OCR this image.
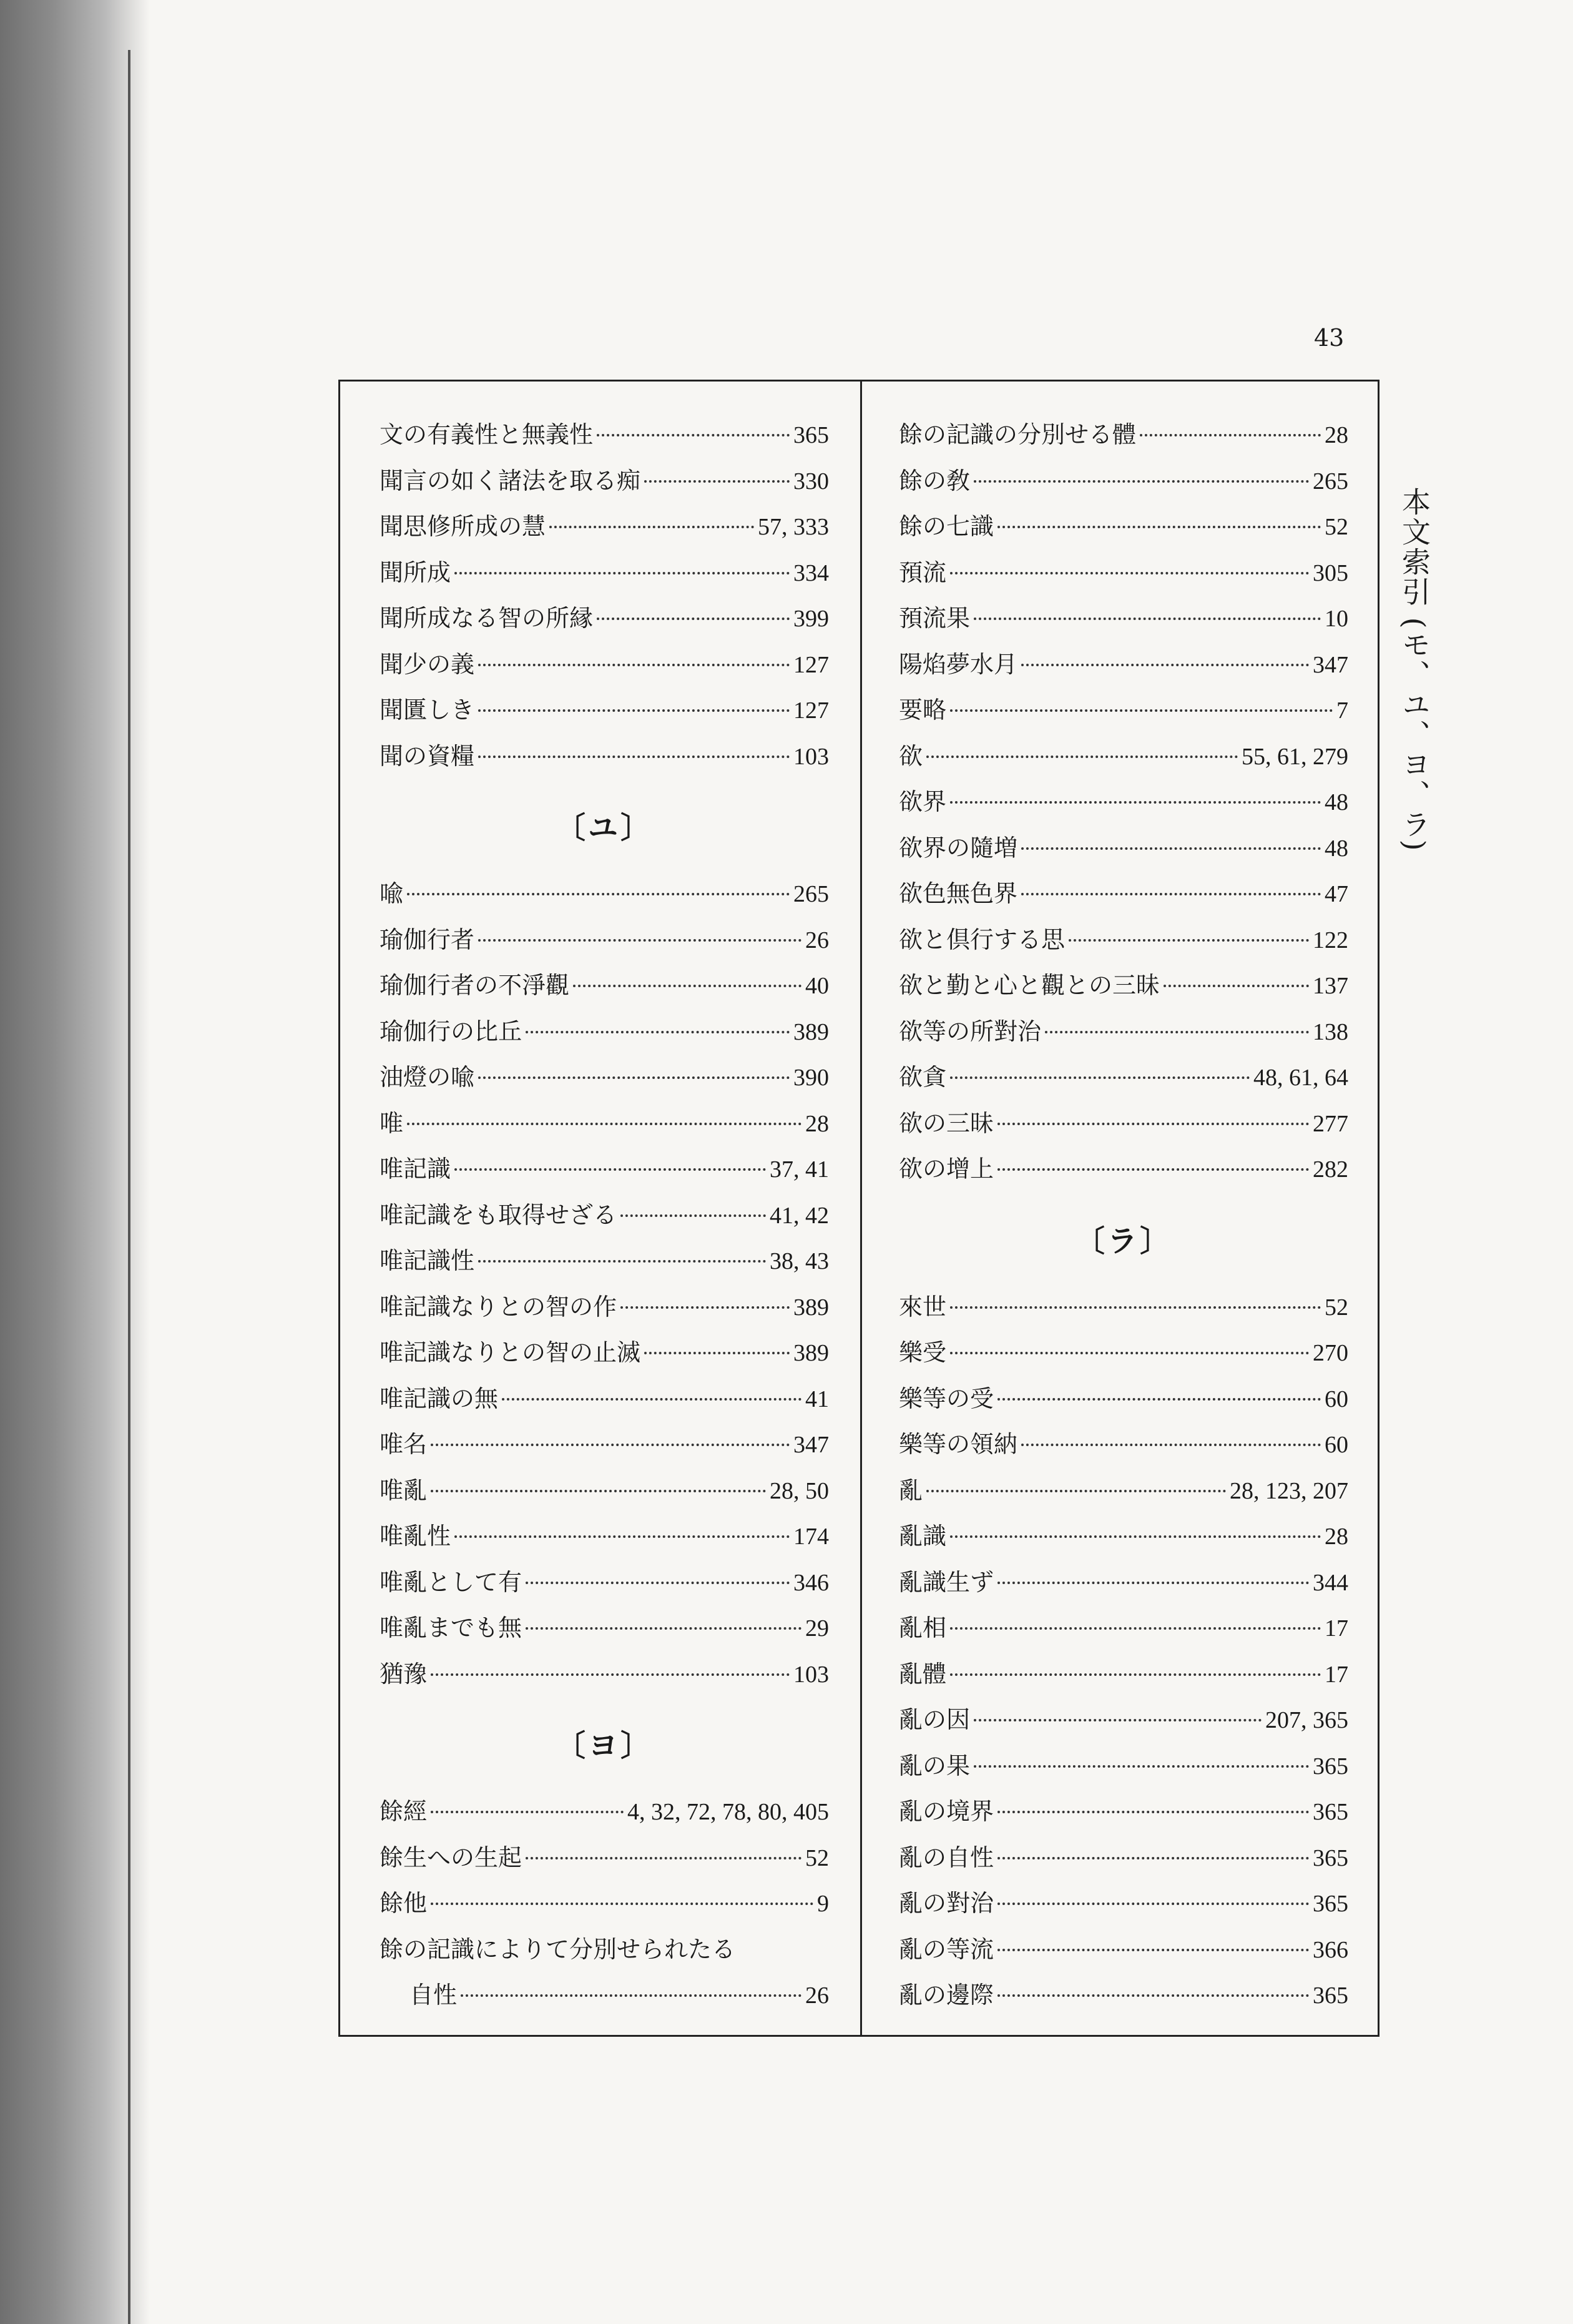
43
本文索引 (モ、ユ、ヨ、ラ)
文の有義性と無義性	365
聞言の如く諸法を取る痴	330
聞思修所成の慧	57, 333
聞所成	334
聞所成なる智の所縁	399
聞少の義	127
聞匱しき	127
聞の資糧	103
〔ユ〕
喩	265
瑜伽行者	26
瑜伽行者の不淨觀	40
瑜伽行の比丘	389
油燈の喩	390
唯	28
唯記識	37, 41
唯記識をも取得せざる	41, 42
唯記識性	38, 43
唯記識なりとの智の作	389
唯記識なりとの智の止滅	389
唯記識の無	41
唯名	347
唯亂	28, 50
唯亂性	174
唯亂として有	346
唯亂までも無	29
猶豫	103
〔ヨ〕
餘經	4, 32, 72, 78, 80, 405
餘生への生起	52
餘他	9
餘の記識によりて分別せられたる
自性	26
餘の記識の分別せる體	28
餘の敎	265
餘の七識	52
預流	305
預流果	10
陽焰夢水月	347
要略	7
欲	55, 61, 279
欲界	48
欲界の隨増	48
欲色無色界	47
欲と倶行する思	122
欲と勤と心と觀との三昧	137
欲等の所對治	138
欲貪	48, 61, 64
欲の三昧	277
欲の增上	282
〔ラ〕
來世	52
樂受	270
樂等の受	60
樂等の領納	60
亂	28, 123, 207
亂識	28
亂識生ず	344
亂相	17
亂體	17
亂の因	207, 365
亂の果	365
亂の境界	365
亂の自性	365
亂の對治	365
亂の等流	366
亂の邊際	365
